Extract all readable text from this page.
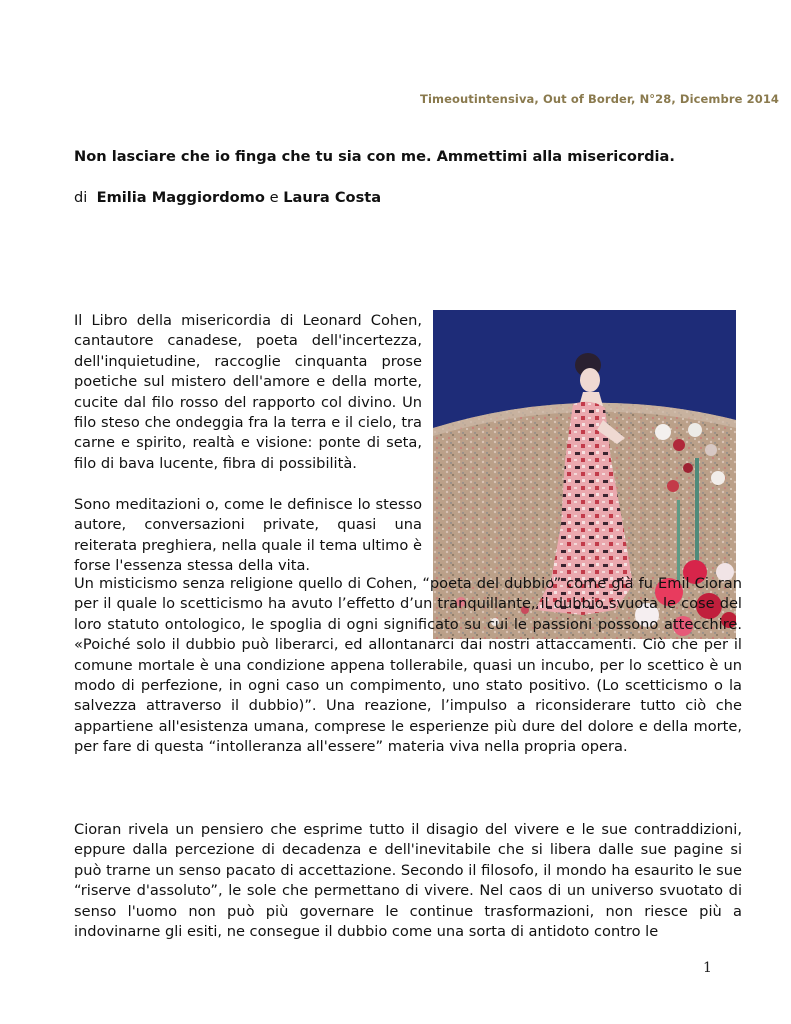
Timeoutintensiva, Out of Border, N°28, Dicembre 2014
Non lasciare che io finga che tu sia con me. Ammettimi alla misericordia.
di Emilia Maggiordomo e Laura Costa

Il Libro della misericordia di Leonard Cohen, cantautore canadese, poeta dell'incertezza, dell'inquietudine, raccoglie cinquanta prose poetiche sul mistero dell'amore e della morte, cucite dal filo rosso del rapporto col divino. Un filo steso che ondeggia fra la terra e il cielo, tra carne e spirito, realtà e visione: ponte di seta, filo di bava lucente, fibra di possibilità.

Sono meditazioni o, come le definisce lo stesso autore, conversazioni private, quasi una reiterata preghiera, nella quale il tema ultimo è forse l'essenza stessa della vita.

Un misticismo senza religione quello di Cohen, “poeta del dubbio” come già fu Emil Cioran per il quale lo scetticismo ha avuto l’effetto d’un tranquillante, il dubbio svuota le cose del loro statuto ontologico, le spoglia di ogni significato su cui le passioni possono attecchire. «Poiché solo il dubbio può liberarci, ed allontanarci dai nostri attaccamenti. Ciò che per il comune mortale è una condizione appena tollerabile, quasi un incubo, per lo scettico è un modo di perfezione, in ogni caso un compimento, uno stato positivo. (Lo scetticismo o la salvezza attraverso il dubbio)”. Una reazione, l’impulso a riconsiderare tutto ciò che appartiene all'esistenza umana, comprese le esperienze più dure del dolore e della morte, per fare di questa “intolleranza all'essere” materia viva nella propria opera.

Cioran rivela un pensiero che esprime tutto il disagio del vivere e le sue contraddizioni, eppure dalla percezione di decadenza e dell'inevitabile che si libera dalle sue pagine si può trarne un senso pacato di accettazione. Secondo il filosofo, il mondo ha esaurito le sue “riserve d'assoluto”, le sole che permettano di vivere. Nel caos di un universo svuotato di senso l'uomo non può più governare le continue trasformazioni, non riesce più a indovinarne gli esiti, ne consegue il dubbio come una sorta di antidoto contro le

1
